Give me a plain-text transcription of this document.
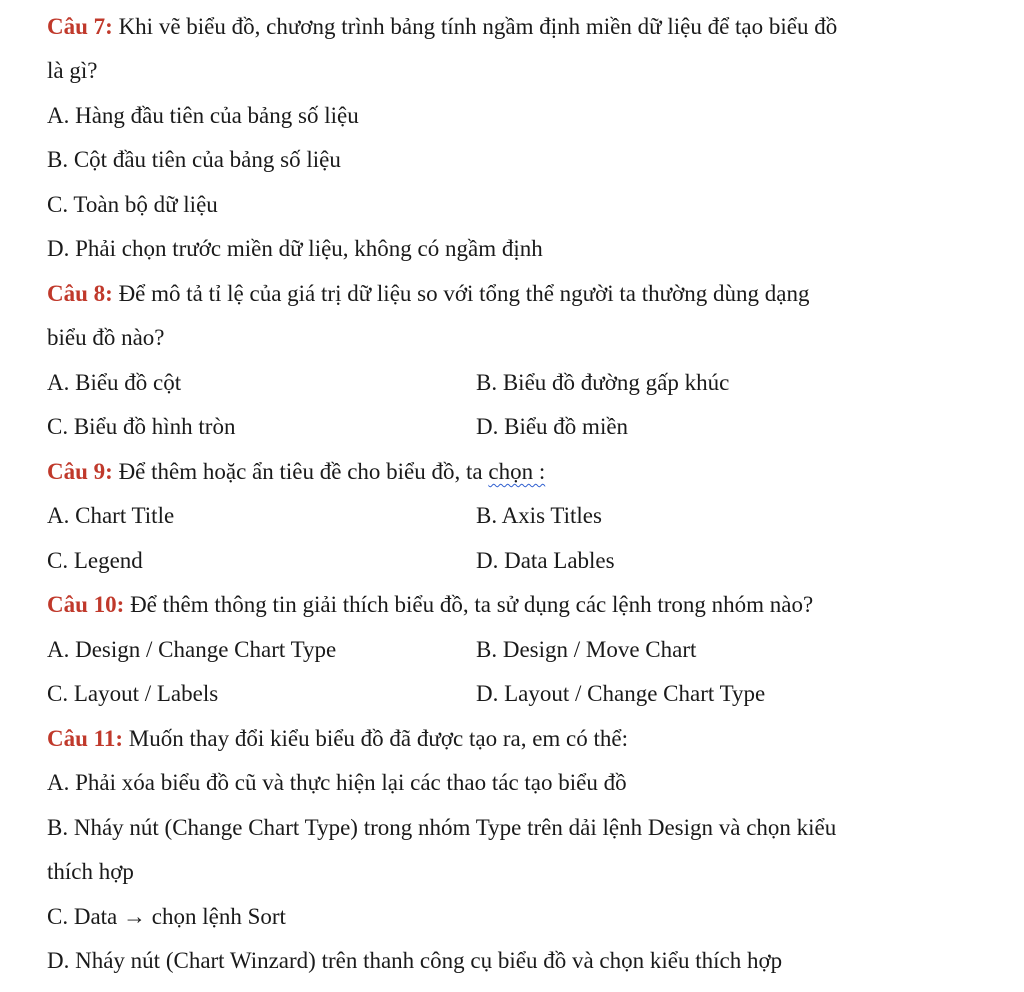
Câu 7: Khi vẽ biểu đồ, chương trình bảng tính ngầm định miền dữ liệu để tạo biểu đồ
là gì?
A. Hàng đầu tiên của bảng số liệu
B. Cột đầu tiên của bảng số liệu
C. Toàn bộ dữ liệu
D. Phải chọn trước miền dữ liệu, không có ngầm định
Câu 8: Để mô tả tỉ lệ của giá trị dữ liệu so với tổng thể người ta thường dùng dạng
biểu đồ nào?
A. Biểu đồ cột	B. Biểu đồ đường gấp khúc
C. Biểu đồ hình tròn	D. Biểu đồ miền
Câu 9: Để thêm hoặc ẩn tiêu đề cho biểu đồ, ta chọn :
A. Chart Title	B. Axis Titles
C. Legend	D. Data Lables
Câu 10: Để thêm thông tin giải thích biểu đồ, ta sử dụng các lệnh trong nhóm nào?
A. Design / Change Chart Type	B. Design / Move Chart
C. Layout / Labels	D. Layout / Change Chart Type
Câu 11: Muốn thay đổi kiểu biểu đồ đã được tạo ra, em có thể:
A. Phải xóa biểu đồ cũ và thực hiện lại các thao tác tạo biểu đồ
B. Nháy nút (Change Chart Type) trong nhóm Type trên dải lệnh Design và chọn kiểu
thích hợp
C. Data → chọn lệnh Sort
D. Nháy nút (Chart Winzard) trên thanh công cụ biểu đồ và chọn kiểu thích hợp
